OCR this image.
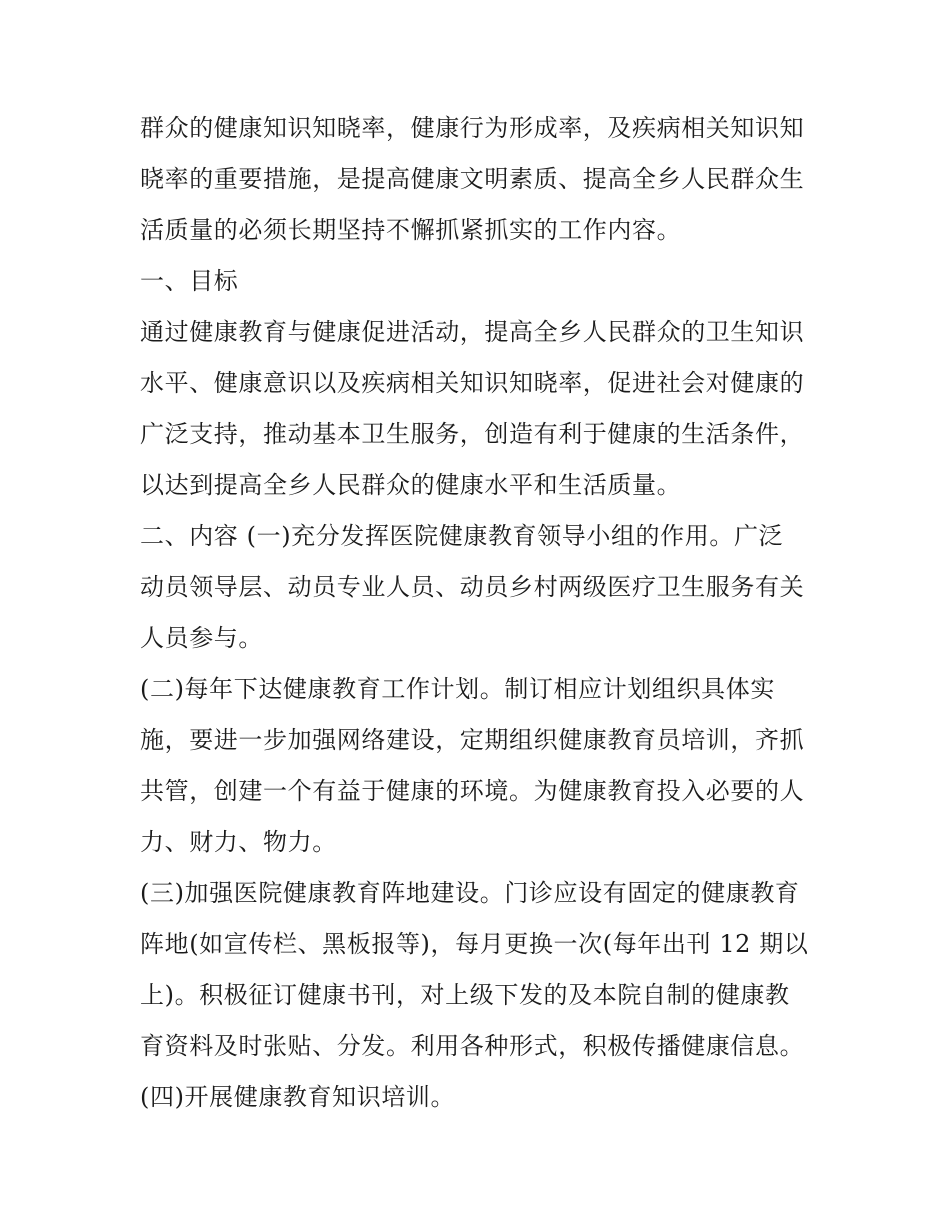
群众的健康知识知晓率，健康行为形成率，及疾病相关知识知
晓率的重要措施，是提高健康文明素质、提高全乡人民群众生
活质量的必须长期坚持不懈抓紧抓实的工作内容。
一、目标
通过健康教育与健康促进活动，提高全乡人民群众的卫生知识
水平、健康意识以及疾病相关知识知晓率，促进社会对健康的
广泛支持，推动基本卫生服务，创造有利于健康的生活条件，
以达到提高全乡人民群众的健康水平和生活质量。
二、内容 (一)充分发挥医院健康教育领导小组的作用。广泛
动员领导层、动员专业人员、动员乡村两级医疗卫生服务有关
人员参与。
(二)每年下达健康教育工作计划。制订相应计划组织具体实
施，要进一步加强网络建设，定期组织健康教育员培训，齐抓
共管，创建一个有益于健康的环境。为健康教育投入必要的人
力、财力、物力。
(三)加强医院健康教育阵地建设。门诊应设有固定的健康教育
阵地(如宣传栏、黑板报等)，每月更换一次(每年出刊 12 期以
上)。积极征订健康书刊，对上级下发的及本院自制的健康教
育资料及时张贴、分发。利用各种形式，积极传播健康信息。
(四)开展健康教育知识培训。
